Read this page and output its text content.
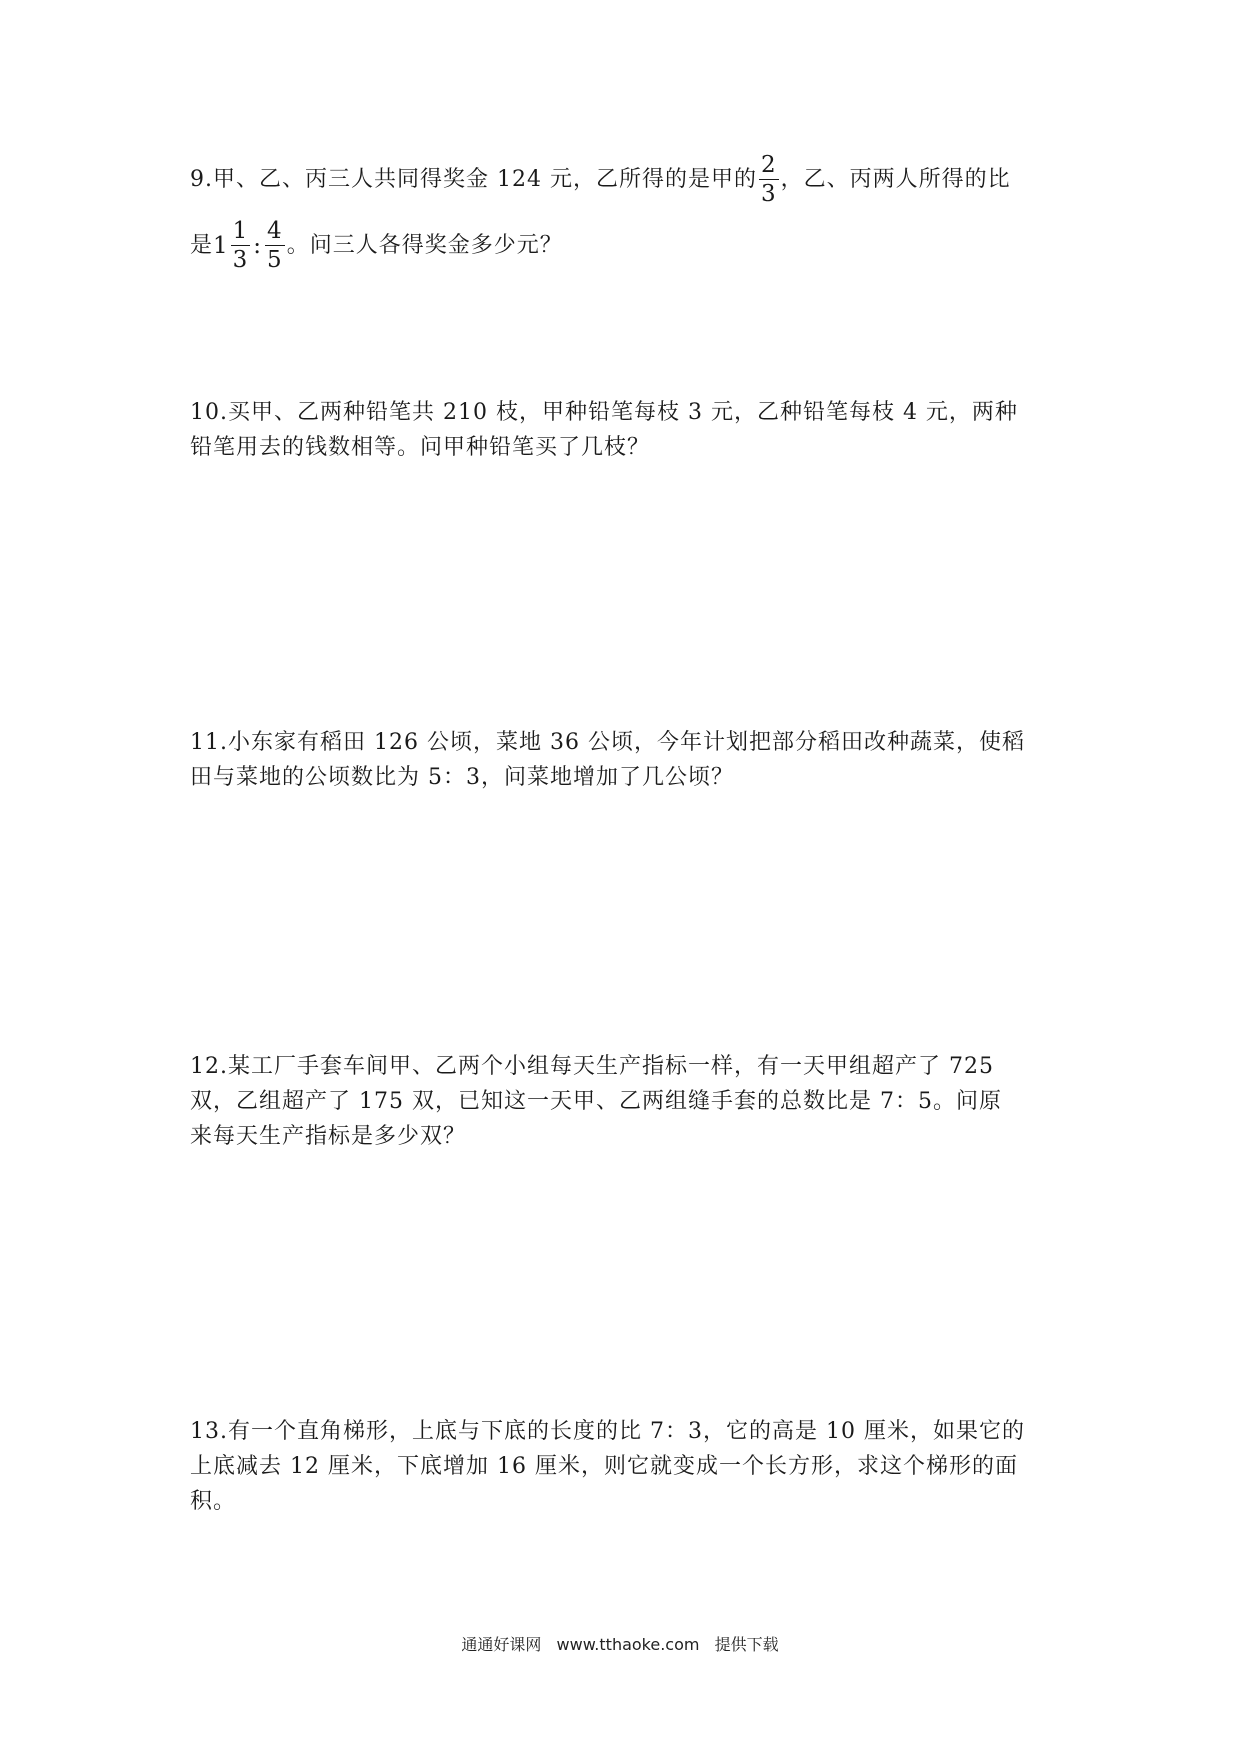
9.甲、乙、丙三人共同得奖金 124 元，乙所得的是甲的 $\frac{2}{3}$ ，乙、丙两人所得的比
是$1 \frac{1}{3}$ : $\frac{4}{5}$ 。问三人各得奖金多少元？
10.买甲、乙两种铅笔共 210 枝，甲种铅笔每枝 3 元，乙种铅笔每枝 4 元，两种
铅笔用去的钱数相等。问甲种铅笔买了几枝？
11.小东家有稻田 126 公顷，菜地 36 公顷，今年计划把部分稻田改种蔬菜，使稻
田与菜地的公顷数比为 5：3，问菜地增加了几公顷？
12.某工厂手套车间甲、乙两个小组每天生产指标一样，有一天甲组超产了 725
双，乙组超产了 175 双，已知这一天甲、乙两组缝手套的总数比是 7：5。问原
来每天生产指标是多少双？
13.有一个直角梯形，上底与下底的长度的比 7：3，它的高是 10 厘米，如果它的
上底减去 12 厘米，下底增加 16 厘米，则它就变成一个长方形，求这个梯形的面
积。
通通好课网 www.tthaoke.com 提供下载
